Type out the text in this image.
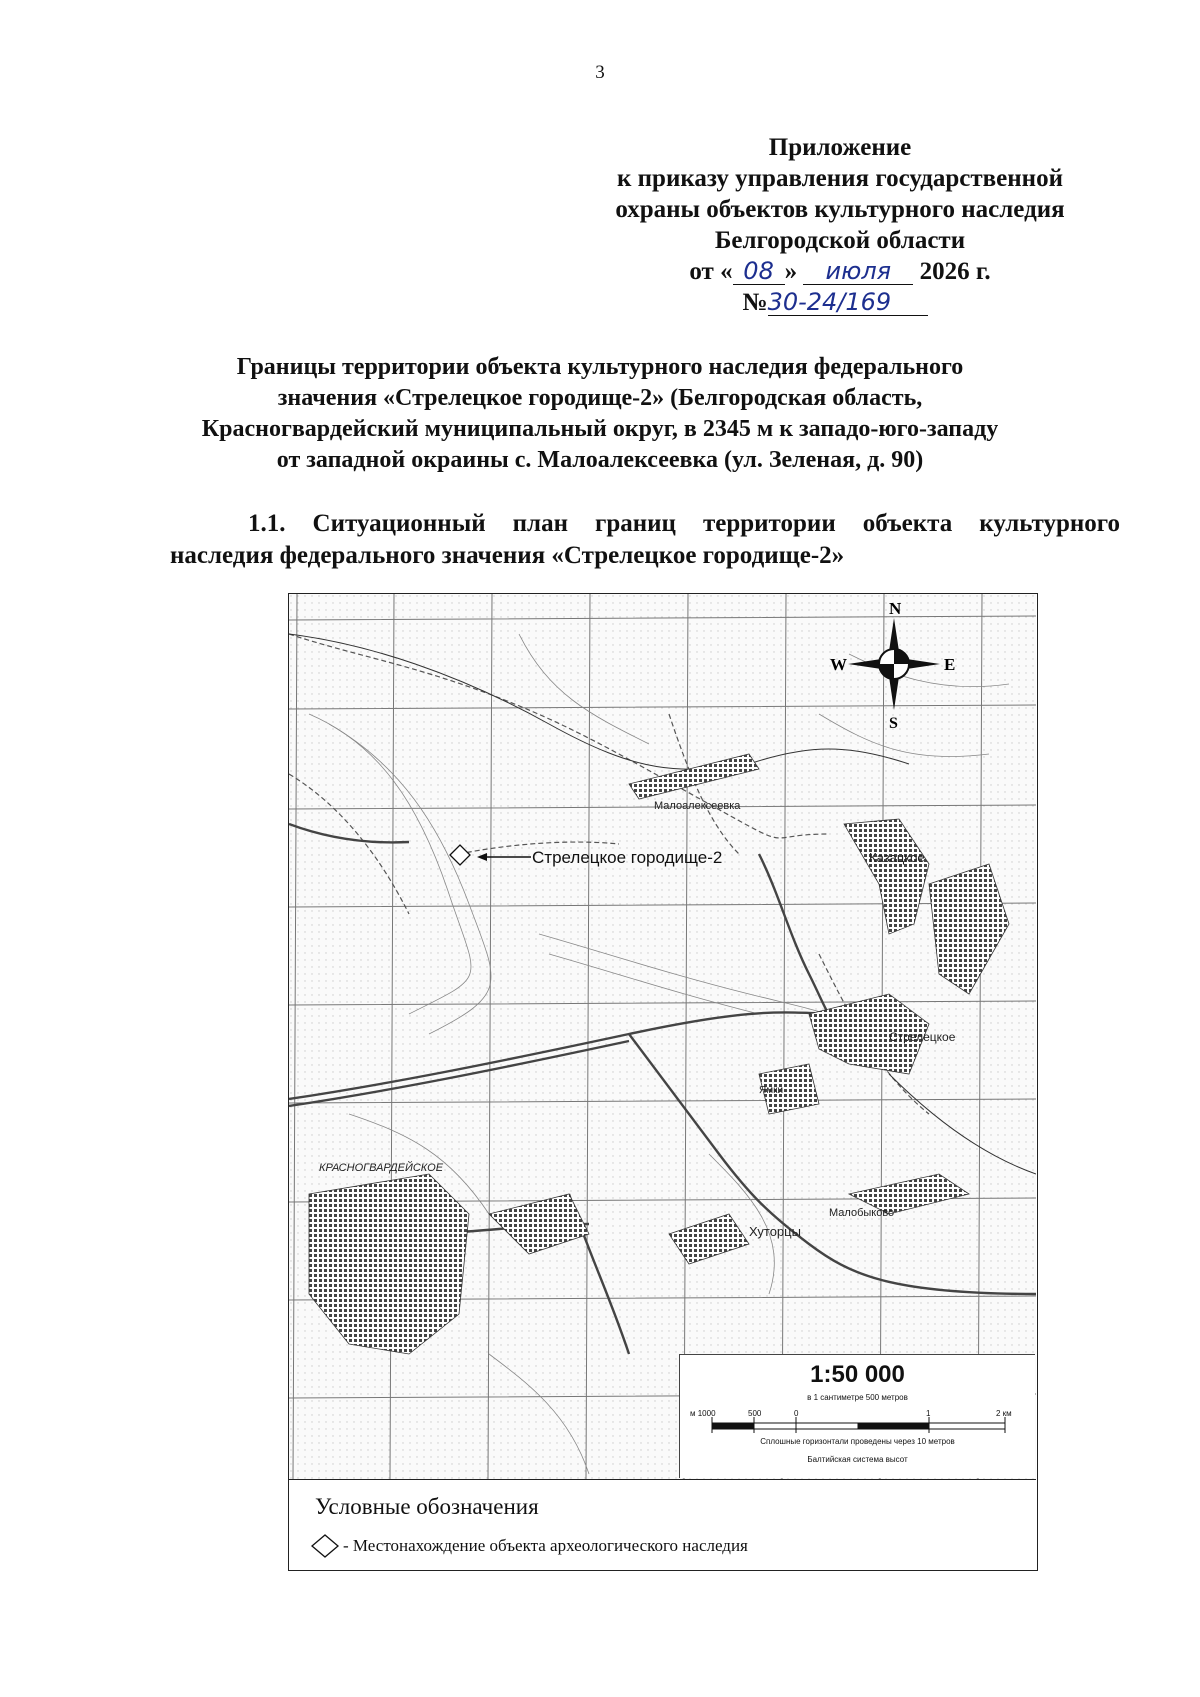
3
Приложение
к приказу управления государственной
охраны объектов культурного наследия
Белгородской области
от « 08 » июля 2026 г.
№30-24/169
Границы территории объекта культурного наследия федерального
значения «Стрелецкое городище-2» (Белгородская область,
Красногвардейский муниципальный округ, в 2345 м к западо-юго-западу
от западной окраины с. Малоалексеевка (ул. Зеленая, д. 90)
1.1. Ситуационный план границ территории объекта культурного
наследия федерального значения «Стрелецкое городище-2»
Стрелецкое городище-2
Малоалексеевка
Казацкое
Стрелецкое
КРАСНОГВАРДЕЙСКОЕ
Малобыково
Хуторцы
Ямки
N
S
W	E
1:50 000
в 1 сантиметре 500 метров
м 1000	500	0	1	2 км
Сплошные горизонтали проведены через 10 метров
Балтийская система высот
Условные обозначения
- Местонахождение объекта археологического наследия
